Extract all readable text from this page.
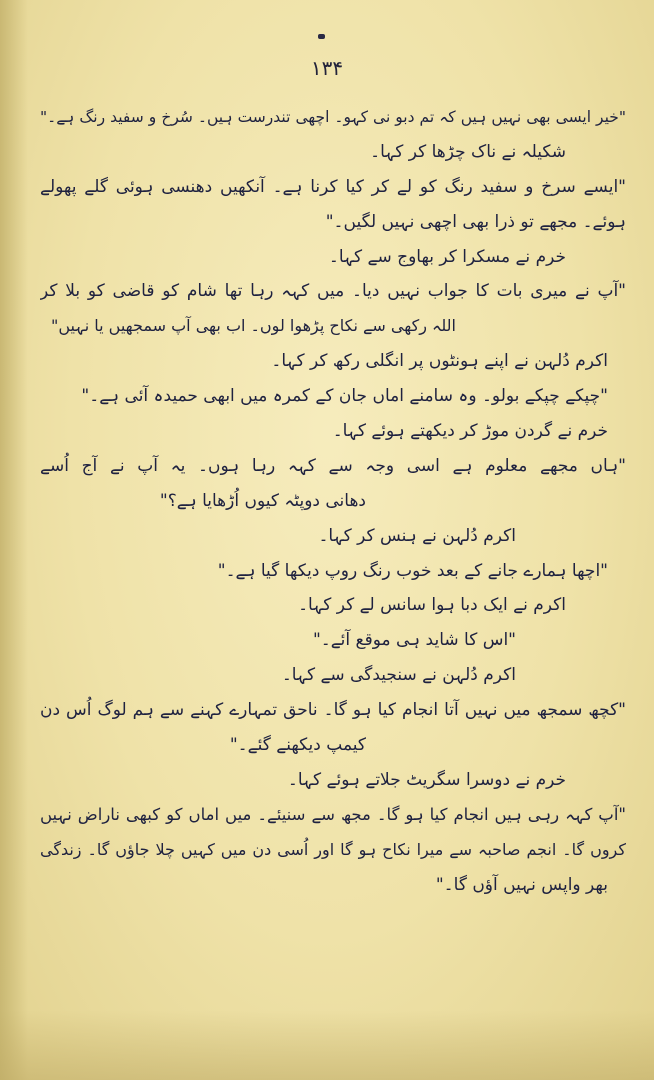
۱۳۴
"خیر ایسی بھی نہیں ہیں کہ تم دبو نی کہو۔ اچھی تندرست ہیں۔ سُرخ و سفید رنگ ہے۔"
شکیلہ نے ناک چڑھا کر کہا۔
"ایسے سرخ و سفید رنگ کو لے کر کیا کرنا ہے۔ آنکھیں دھنسی ہوئی گلے پھولے
ہوئے۔ مجھے تو ذرا بھی اچھی نہیں لگیں۔"
خرم نے مسکرا کر بھاوج سے کہا۔
"آپ نے میری بات کا جواب نہیں دیا۔ میں کہہ رہا تھا شام کو قاضی کو بلا کر
اللہ رکھی سے نکاح پڑھوا لوں۔ اب بھی آپ سمجھیں یا نہیں"
اکرم دُلہن نے اپنے ہونٹوں پر انگلی رکھ کر کہا۔
"چپکے چپکے بولو۔ وہ سامنے اماں جان کے کمرہ میں ابھی حمیدہ آئی ہے۔"
خرم نے گردن موڑ کر دیکھتے ہوئے کہا۔
"ہاں مجھے معلوم ہے اسی وجہ سے کہہ رہا ہوں۔ یہ آپ نے آج اُسے
دھانی دوپٹہ کیوں اُڑھایا ہے؟"
اکرم دُلہن نے ہنس کر کہا۔
"اچھا ہمارے جانے کے بعد خوب رنگ روپ دیکھا گیا ہے۔"
اکرم نے ایک دبا ہوا سانس لے کر کہا۔
"اس کا شاید ہی موقع آئے۔"
اکرم دُلہن نے سنجیدگی سے کہا۔
"کچھ سمجھ میں نہیں آتا انجام کیا ہو گا۔ ناحق تمہارے کہنے سے ہم لوگ اُس دن
کیمپ دیکھنے گئے۔"
خرم نے دوسرا سگریٹ جلاتے ہوئے کہا۔
"آپ کہہ رہی ہیں انجام کیا ہو گا۔ مجھ سے سنیئے۔ میں اماں کو کبھی ناراض نہیں
کروں گا۔ انجم صاحبہ سے میرا نکاح ہو گا اور اُسی دن میں کہیں چلا جاؤں گا۔ زندگی
بھر واپس نہیں آؤں گا۔"
